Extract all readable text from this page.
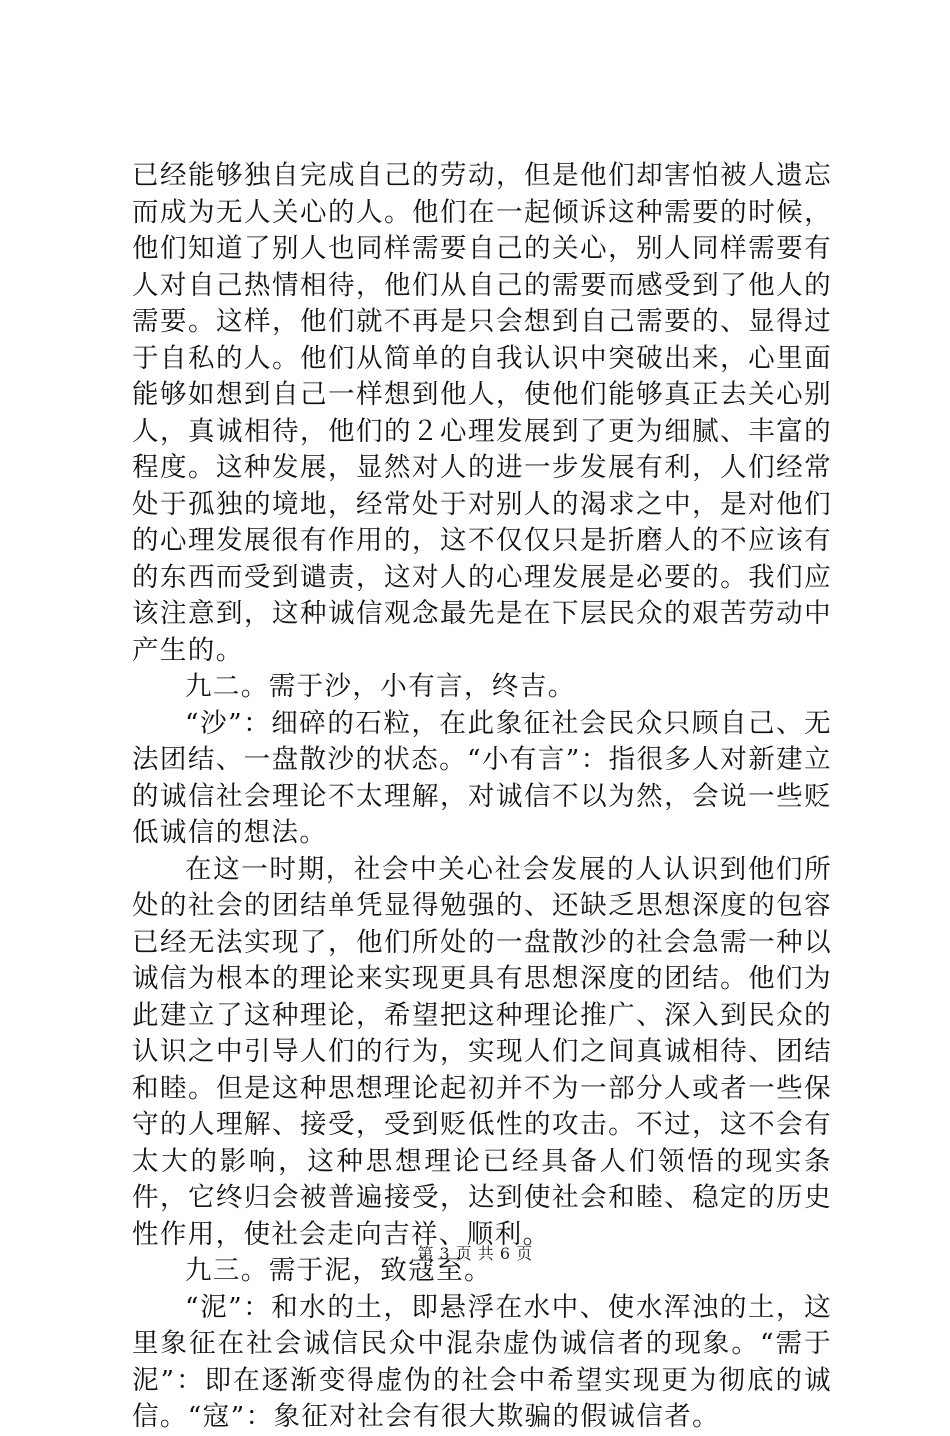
已经能够独自完成自己的劳动，但是他们却害怕被人遗忘而成为无人关心的人。他们在一起倾诉这种需要的时候，他们知道了别人也同样需要自己的关心，别人同样需要有人对自己热情相待，他们从自己的需要而感受到了他人的需要。这样，他们就不再是只会想到自己需要的、显得过于自私的人。他们从简单的自我认识中突破出来，心里面能够如想到自己一样想到他人，使他们能够真正去关心别人，真诚相待，他们的２心理发展到了更为细腻、丰富的程度。这种发展，显然对人的进一步发展有利，人们经常处于孤独的境地，经常处于对别人的渴求之中，是对他们的心理发展很有作用的，这不仅仅只是折磨人的不应该有的东西而受到谴责，这对人的心理发展是必要的。我们应该注意到，这种诚信观念最先是在下层民众的艰苦劳动中产生的。

九二。需于沙，小有言，终吉。

“沙”：细碎的石粒，在此象征社会民众只顾自己、无法团结、一盘散沙的状态。“小有言”：指很多人对新建立的诚信社会理论不太理解，对诚信不以为然，会说一些贬低诚信的想法。

在这一时期，社会中关心社会发展的人认识到他们所处的社会的团结单凭显得勉强的、还缺乏思想深度的包容已经无法实现了，他们所处的一盘散沙的社会急需一种以诚信为根本的理论来实现更具有思想深度的团结。他们为此建立了这种理论，希望把这种理论推广、深入到民众的认识之中引导人们的行为，实现人们之间真诚相待、团结和睦。但是这种思想理论起初并不为一部分人或者一些保守的人理解、接受，受到贬低性的攻击。不过，这不会有太大的影响，这种思想理论已经具备人们领悟的现实条件，它终归会被普遍接受，达到使社会和睦、稳定的历史性作用，使社会走向吉祥、顺利。

九三。需于泥，致寇至。

“泥”：和水的土，即悬浮在水中、使水浑浊的土，这里象征在社会诚信民众中混杂虚伪诚信者的现象。“需于泥”：即在逐渐变得虚伪的社会中希望实现更为彻底的诚信。“寇”：象征对社会有很大欺骗的假诚信者。

第 3 页 共 6 页
